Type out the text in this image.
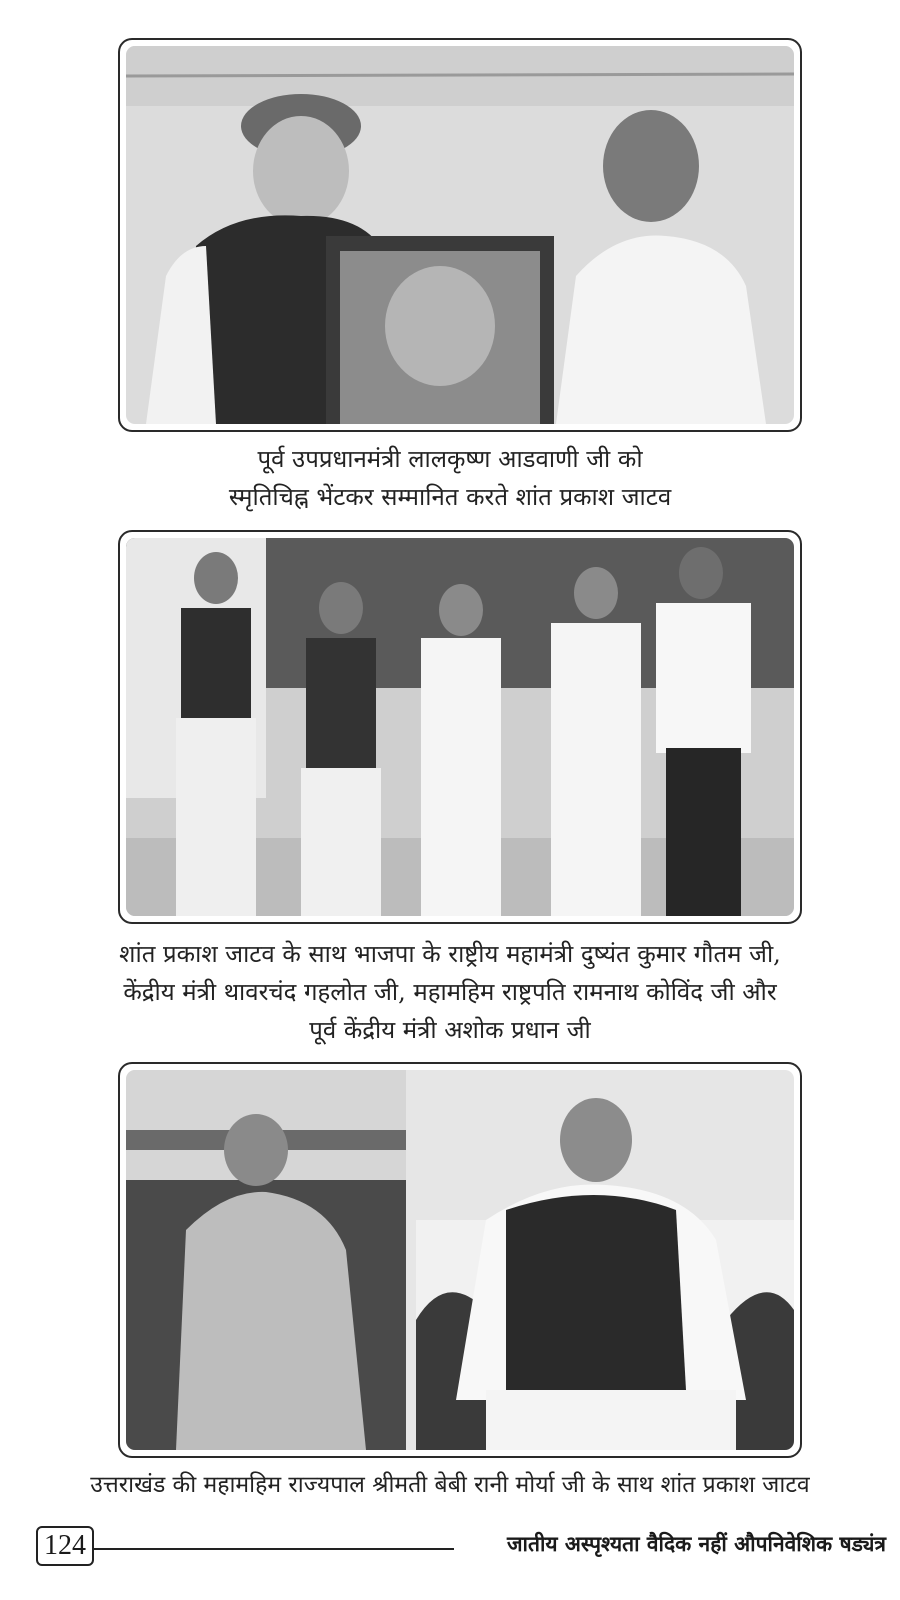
पूर्व उपप्रधानमंत्री लालकृष्ण आडवाणी जी को
स्मृतिचिह्न भेंटकर सम्मानित करते शांत प्रकाश जाटव
शांत प्रकाश जाटव के साथ भाजपा के राष्ट्रीय महामंत्री दुष्यंत कुमार गौतम जी,
केंद्रीय मंत्री थावरचंद गहलोत जी, महामहिम राष्ट्रपति रामनाथ कोविंद जी और
पूर्व केंद्रीय मंत्री अशोक प्रधान जी
उत्तराखंड की महामहिम राज्यपाल श्रीमती बेबी रानी मोर्या जी के साथ शांत प्रकाश जाटव
124	जातीय अस्पृश्यता वैदिक नहीं औपनिवेशिक षड्यंत्र
